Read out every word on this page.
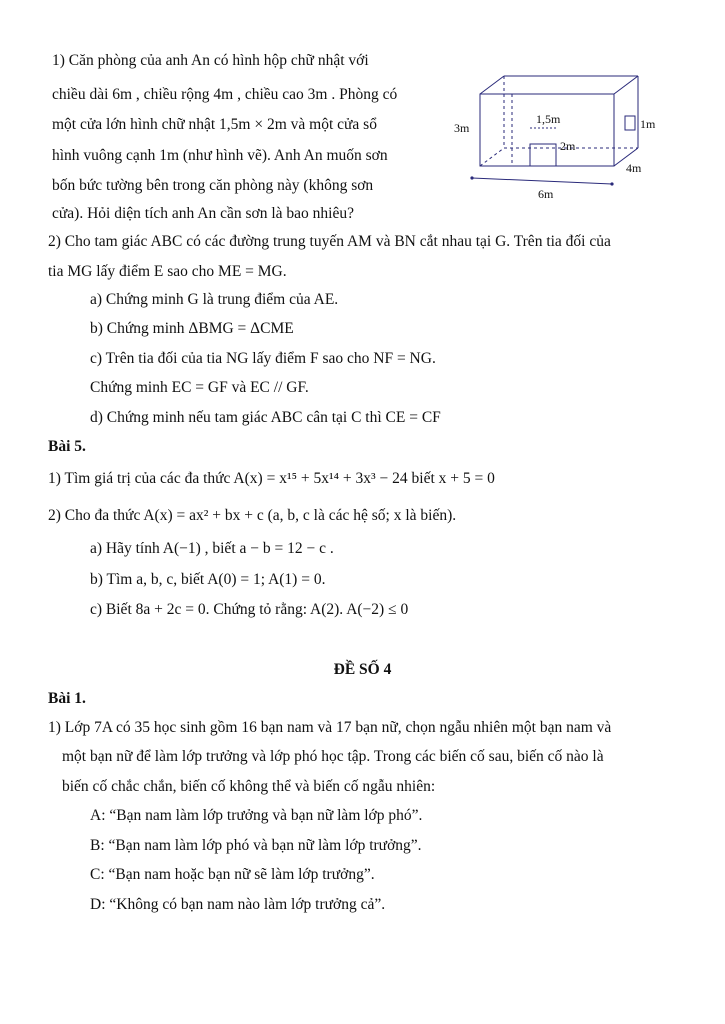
1) Căn phòng của anh An có hình hộp chữ nhật với
chiều dài 6m , chiều rộng 4m , chiều cao 3m . Phòng có
một cửa lớn hình chữ nhật 1,5m × 2m và một cửa sổ
hình vuông cạnh 1m (như hình vẽ). Anh An muốn sơn
bốn bức tường bên trong căn phòng này (không sơn
cửa). Hỏi diện tích anh An cần sơn là bao nhiêu?
3m
1,5m
2m
1m
4m
6m
2) Cho tam giác ABC có các đường trung tuyến AM và BN cắt nhau tại G. Trên tia đối của
tia MG lấy điểm E sao cho ME = MG.
a) Chứng minh G là trung điểm của AE.
b) Chứng minh ΔBMG = ΔCME
c) Trên tia đối của tia NG lấy điểm F sao cho NF = NG.
Chứng minh EC = GF và EC // GF.
d) Chứng minh nếu tam giác ABC cân tại C thì CE = CF
Bài 5.
1) Tìm giá trị của các đa thức A(x) = x¹⁵ + 5x¹⁴ + 3x³ − 24 biết x + 5 = 0
2) Cho đa thức A(x) = ax² + bx + c (a, b, c là các hệ số; x là biến).
a) Hãy tính A(−1) , biết a − b = 12 − c .
b) Tìm a, b, c, biết A(0) = 1; A(1) = 0.
c) Biết 8a + 2c = 0. Chứng tỏ rằng: A(2). A(−2) ≤ 0
ĐỀ SỐ 4
Bài 1.
1) Lớp 7A có 35 học sinh gồm 16 bạn nam và 17 bạn nữ, chọn ngẫu nhiên một bạn nam và
một bạn nữ để làm lớp trưởng và lớp phó học tập. Trong các biến cố sau, biến cố nào là
biến cố chắc chắn, biến cố không thể và biến cố ngẫu nhiên:
A: “Bạn nam làm lớp trưởng và bạn nữ làm lớp phó”.
B: “Bạn nam làm lớp phó và bạn nữ làm lớp trưởng”.
C: “Bạn nam hoặc bạn nữ sẽ làm lớp trưởng”.
D: “Không có bạn nam nào làm lớp trưởng cả”.
